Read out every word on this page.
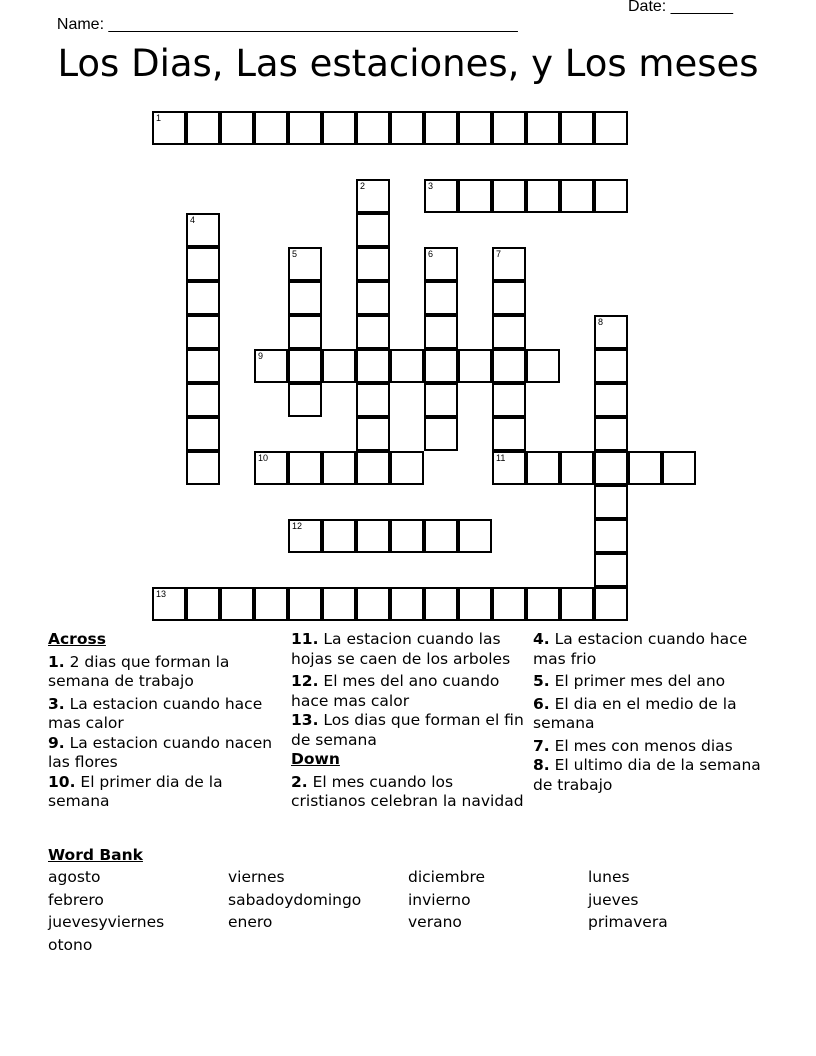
Name: ______________________________________________

Date: _______

Los Dias, Las estaciones, y Los meses
1
2	3
4
5	6	7
11
8
9
10
12
13
Across
1. 2 dias que forman la semana de trabajo
3. La estacion cuando hace mas calor
9. La estacion cuando nacen las flores
10. El primer dia de la semana
11. La estacion cuando las hojas se caen de los arboles
12. El mes del ano cuando hace mas calor
13. Los dias que forman el fin de semana
Down
2. El mes cuando los cristianos celebran la navidad
4. La estacion cuando hace mas frio
5. El primer mes del ano
6. El dia en el medio de la semana
7. El mes con menos dias
8. El ultimo dia de la semana de trabajo
Word Bank
agosto	viernes	diciembre	lunes
febrero	sabadoydomingo	invierno	jueves
juevesyviernes	enero	verano	primavera
otono
